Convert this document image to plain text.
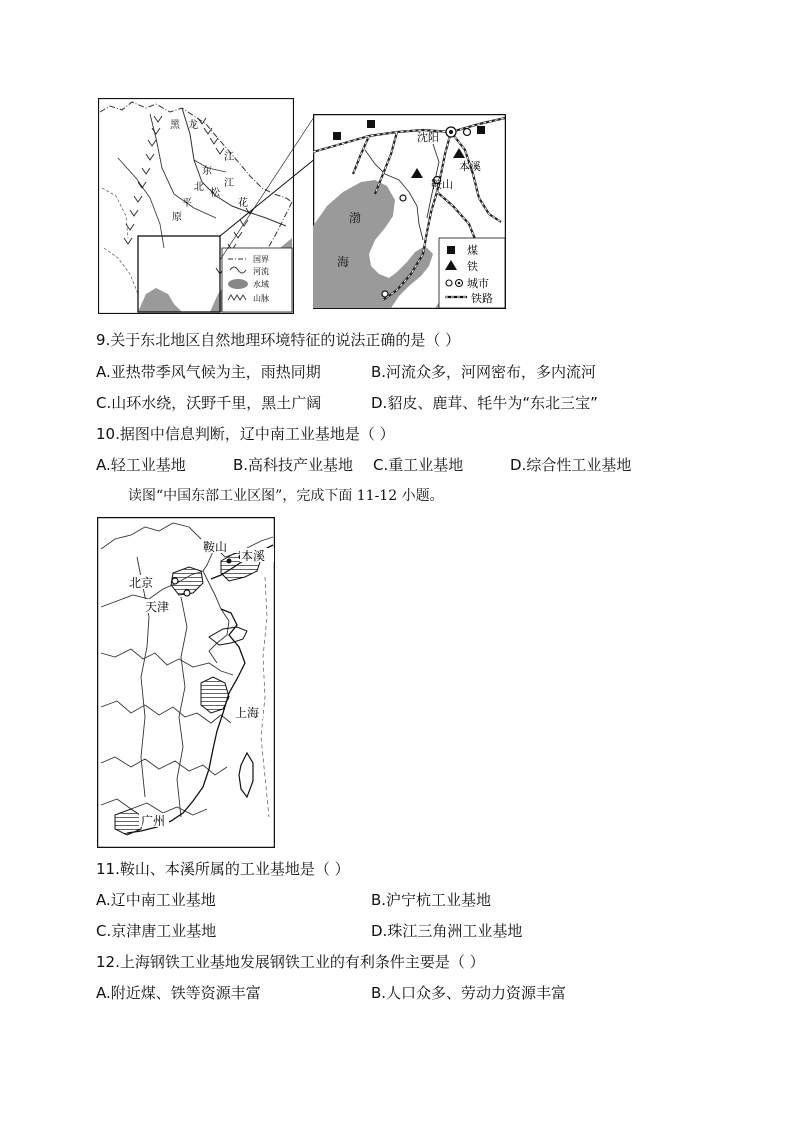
国界
河流
水域
山脉
黑 龙
江
东
北
平
原
松
花
江
沈阳
本溪
鞍山
渤
海
煤
铁
城市
铁路
9.关于东北地区自然地理环境特征的说法正确的是（ ）
A.亚热带季风气候为主，雨热同期	B.河流众多，河网密布，多内流河
C.山环水绕，沃野千里，黑土广阔	D.貂皮、鹿茸、牦牛为“东北三宝”
10.据图中信息判断，辽中南工业基地是（ ）
A.轻工业基地	B.高科技产业基地 C.重工业基地	D.综合性工业基地
读图“中国东部工业区图”，完成下面 11-12 小题。
鞍山
本溪
北京
天津
上海
广州
11.鞍山、本溪所属的工业基地是（ ）
A.辽中南工业基地	B.沪宁杭工业基地
C.京津唐工业基地	D.珠江三角洲工业基地
12.上海钢铁工业基地发展钢铁工业的有利条件主要是（ ）
A.附近煤、铁等资源丰富	B.人口众多、劳动力资源丰富
